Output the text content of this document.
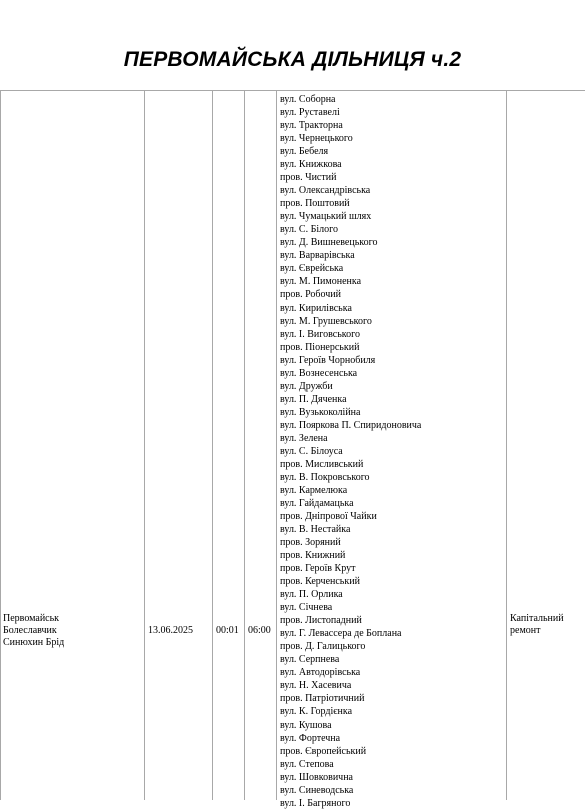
ПЕРВОМАЙСЬКА ДІЛЬНИЦЯ ч.2
Первомайськ
Болеславчик
Синюхин Брід
13.06.2025 00:01 06:00
вул. Соборна
вул. Руставелі
вул. Тракторна
вул. Чернецького
вул. Бебеля
вул. Книжкова
пров. Чистий
вул. Олександрівська
пров. Поштовий
вул. Чумацький шлях
вул. С. Білого
вул. Д. Вишневецького
вул. Варварівська
вул. Єврейська
вул. М. Пимоненка
пров. Робочий
вул. Кирилівська
вул. М. Грушевського
вул. І. Виговського
пров. Піонерський
вул. Героїв Чорнобиля
вул. Вознесенська
вул. Дружби
вул. П. Дяченка
вул. Вузькоколійна
вул. Пояркова П. Спиридоновича
вул. Зелена
вул. С. Білоуса
пров. Мисливський
вул. В. Покровського
вул. Кармелюка
вул. Гайдамацька
пров. Дніпрової Чайки
вул. В. Нестайка
пров. Зоряний
пров. Книжний
пров. Героїв Крут
пров. Керченський
вул. П. Орлика
вул. Січнева
пров. Листопадний
вул. Г. Левассера де Боплана
пров. Д. Галицького
вул. Серпнева
вул. Автодорівська
вул. Н. Хасевича
пров. Патріотичний
вул. К. Гордієнка
вул. Кушова
вул. Фортечна
пров. Європейський
вул. Степова
вул. Шовковична
вул. Синеводська
вул. І. Багряного
Капітальний
ремонт
